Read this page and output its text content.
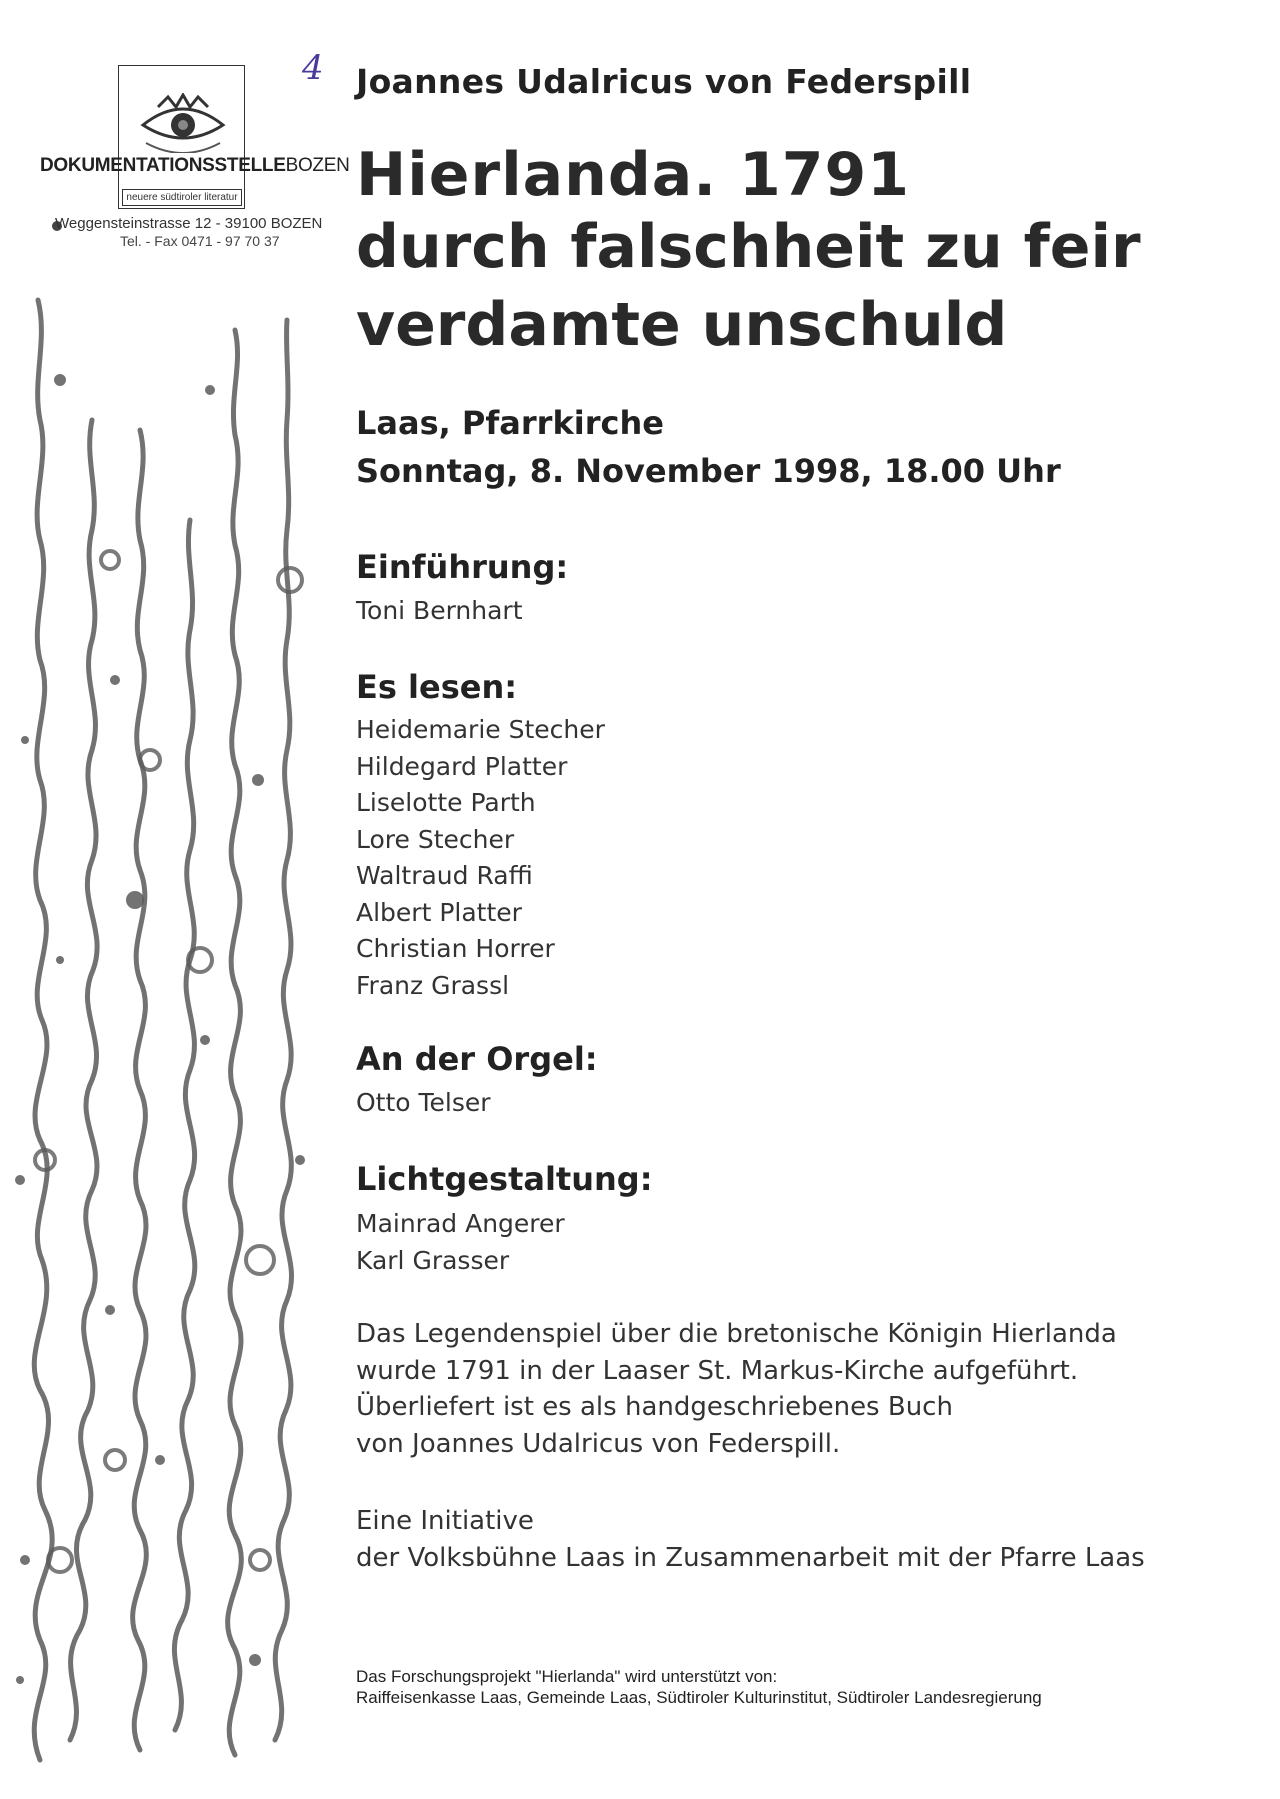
DOKUMENTATIONSSTELLEBOZEN
neuere südtiroler literatur
Weggensteinstrasse 12 - 39100 BOZEN
Tel. - Fax 0471 - 97 70 37
4 Joannes Udalricus von Federspill
Hierlanda. 1791
durch falschheit zu feir
verdamte unschuld
Laas, Pfarrkirche
Sonntag, 8. November 1998, 18.00 Uhr
Einführung:
Toni Bernhart
Es lesen:
Heidemarie Stecher
Hildegard Platter
Liselotte Parth
Lore Stecher
Waltraud Raffi
Albert Platter
Christian Horrer
Franz Grassl
An der Orgel:
Otto Telser
Lichtgestaltung:
Mainrad Angerer
Karl Grasser
Das Legendenspiel über die bretonische Königin Hierlanda
wurde 1791 in der Laaser St. Markus-Kirche aufgeführt.
Überliefert ist es als handgeschriebenes Buch
von Joannes Udalricus von Federspill.
Eine Initiative
der Volksbühne Laas in Zusammenarbeit mit der Pfarre Laas
Das Forschungsprojekt "Hierlanda" wird unterstützt von:
Raiffeisenkasse Laas, Gemeinde Laas, Südtiroler Kulturinstitut, Südtiroler Landesregierung
